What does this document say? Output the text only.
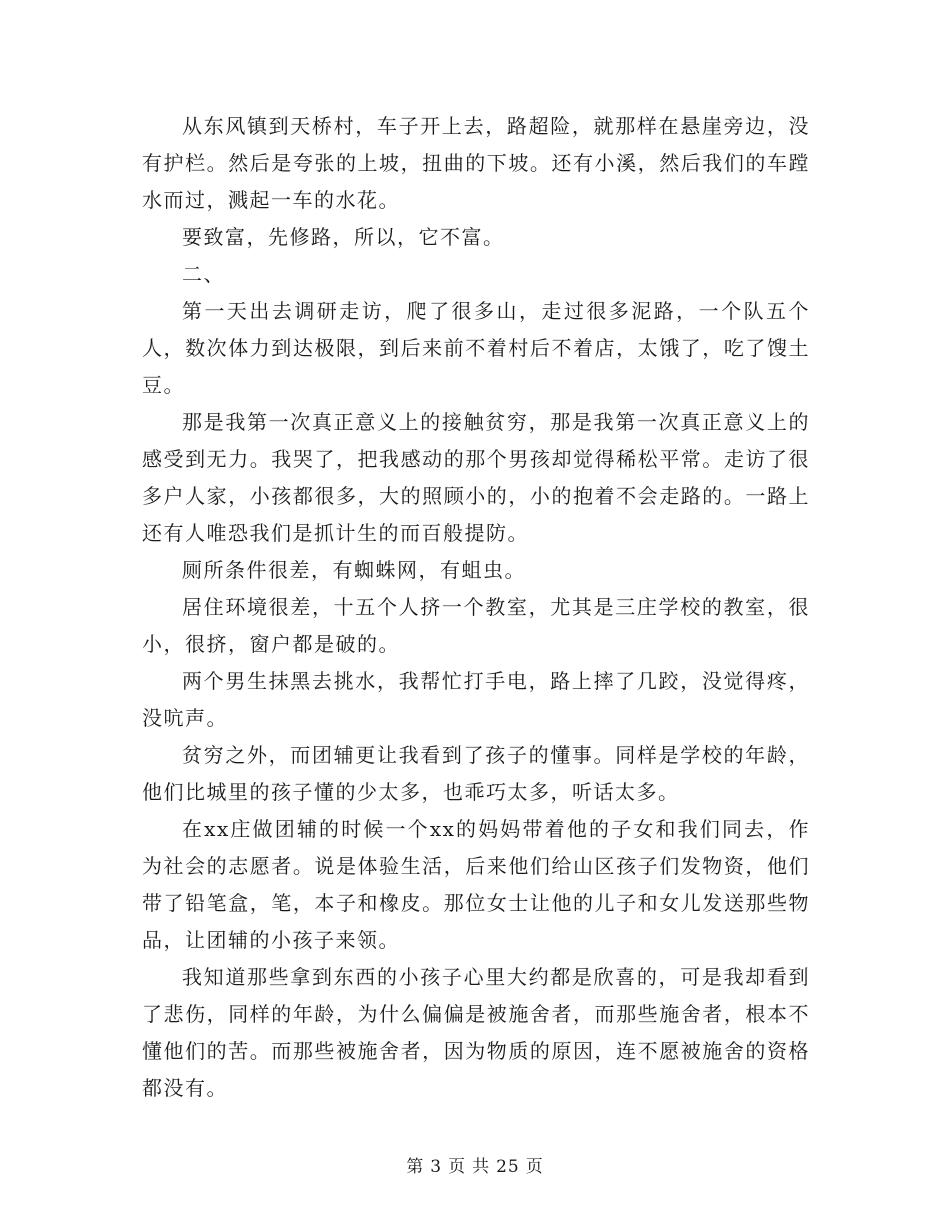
从东风镇到天桥村，车子开上去，路超险，就那样在悬崖旁边，没有护栏。然后是夸张的上坡，扭曲的下坡。还有小溪，然后我们的车蹚水而过，溅起一车的水花。

要致富，先修路，所以，它不富。

二、

第一天出去调研走访，爬了很多山，走过很多泥路，一个队五个人，数次体力到达极限，到后来前不着村后不着店，太饿了，吃了馊土豆。

那是我第一次真正意义上的接触贫穷，那是我第一次真正意义上的感受到无力。我哭了，把我感动的那个男孩却觉得稀松平常。走访了很多户人家，小孩都很多，大的照顾小的，小的抱着不会走路的。一路上还有人唯恐我们是抓计生的而百般提防。

厕所条件很差，有蜘蛛网，有蛆虫。

居住环境很差，十五个人挤一个教室，尤其是三庄学校的教室，很小，很挤，窗户都是破的。

两个男生抹黑去挑水，我帮忙打手电，路上摔了几跤，没觉得疼，没吭声。

贫穷之外，而团辅更让我看到了孩子的懂事。同样是学校的年龄，他们比城里的孩子懂的少太多，也乖巧太多，听话太多。

在xx庄做团辅的时候一个xx的妈妈带着他的子女和我们同去，作为社会的志愿者。说是体验生活，后来他们给山区孩子们发物资，他们带了铅笔盒，笔，本子和橡皮。那位女士让他的儿子和女儿发送那些物品，让团辅的小孩子来领。

我知道那些拿到东西的小孩子心里大约都是欣喜的，可是我却看到了悲伤，同样的年龄，为什么偏偏是被施舍者，而那些施舍者，根本不懂他们的苦。而那些被施舍者，因为物质的原因，连不愿被施舍的资格都没有。

第 3 页 共 25 页
